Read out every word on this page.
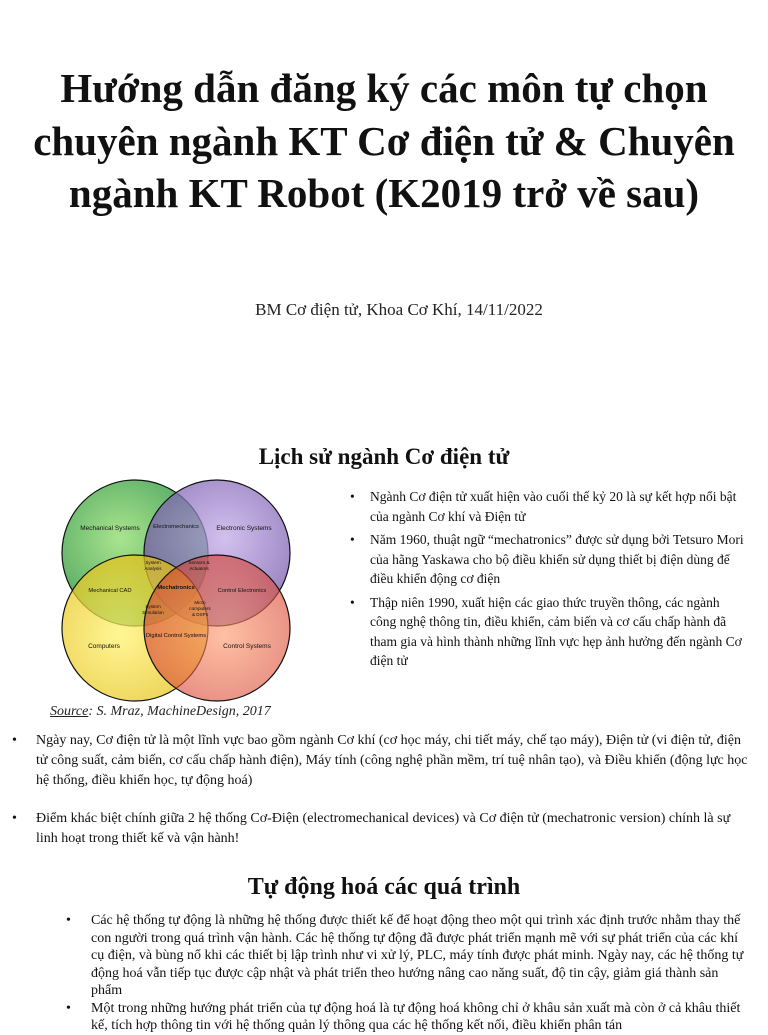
Hướng dẫn đăng ký các môn tự chọn chuyên ngành KT Cơ điện tử & Chuyên ngành KT Robot (K2019 trở về sau)
BM Cơ điện tử, Khoa Cơ Khí, 14/11/2022
Lịch sử ngành Cơ điện tử
Mechanical Systems	Electronic Systems
Computers	Control Systems
Electromechanics
Mechanical CAD	Control Electronics
Digital Control Systems
Mechatronics
System
Analysis
Sensors &
Actuators
System
Simulation
Micro
computers
& DSPs
Source: S. Mraz, MachineDesign, 2017
• Ngành Cơ điện tử xuất hiện vào cuối thế kỷ 20 là sự kết hợp nổi bật của ngành Cơ khí và Điện tử
• Năm 1960, thuật ngữ “mechatronics” được sử dụng bởi Tetsuro Mori của hãng Yaskawa cho bộ điều khiển sử dụng thiết bị điện dùng để điều khiển động cơ điện
• Thập niên 1990, xuất hiện các giao thức truyền thông, các ngành công nghệ thông tin, điều khiển, cảm biến và cơ cấu chấp hành đã tham gia và hình thành những lĩnh vực hẹp ảnh hưởng đến ngành Cơ điện tử
• Ngày nay, Cơ điện tử là một lĩnh vực bao gồm ngành Cơ khí (cơ học máy, chi tiết máy, chế tạo máy), Điện tử (vi điện tử, điện tử công suất, cảm biến, cơ cấu chấp hành điện), Máy tính (công nghệ phần mềm, trí tuệ nhân tạo), và Điều khiển (động lực học hệ thống, điều khiển học, tự động hoá)
• Điểm khác biệt chính giữa 2 hệ thống Cơ-Điện (electromechanical devices) và Cơ điện tử (mechatronic version) chính là sự linh hoạt trong thiết kế và vận hành!
Tự động hoá các quá trình
• Các hệ thống tự động là những hệ thống được thiết kế để hoạt động theo một qui trình xác định trước nhằm thay thế con người trong quá trình vận hành. Các hệ thống tự động đã được phát triển mạnh mẽ với sự phát triển của các khí cụ điện, và bùng nổ khi các thiết bị lập trình như vi xử lý, PLC, máy tính được phát minh. Ngày nay, các hệ thống tự động hoá vẫn tiếp tục được cập nhật và phát triển theo hướng nâng cao năng suất, độ tin cậy, giảm giá thành sản phẩm
• Một trong những hướng phát triển của tự động hoá là tự động hoá không chỉ ở khâu sản xuất mà còn ở cả khâu thiết kế, tích hợp thông tin với hệ thống quản lý thông qua các hệ thống kết nối, điều khiển phân tán
